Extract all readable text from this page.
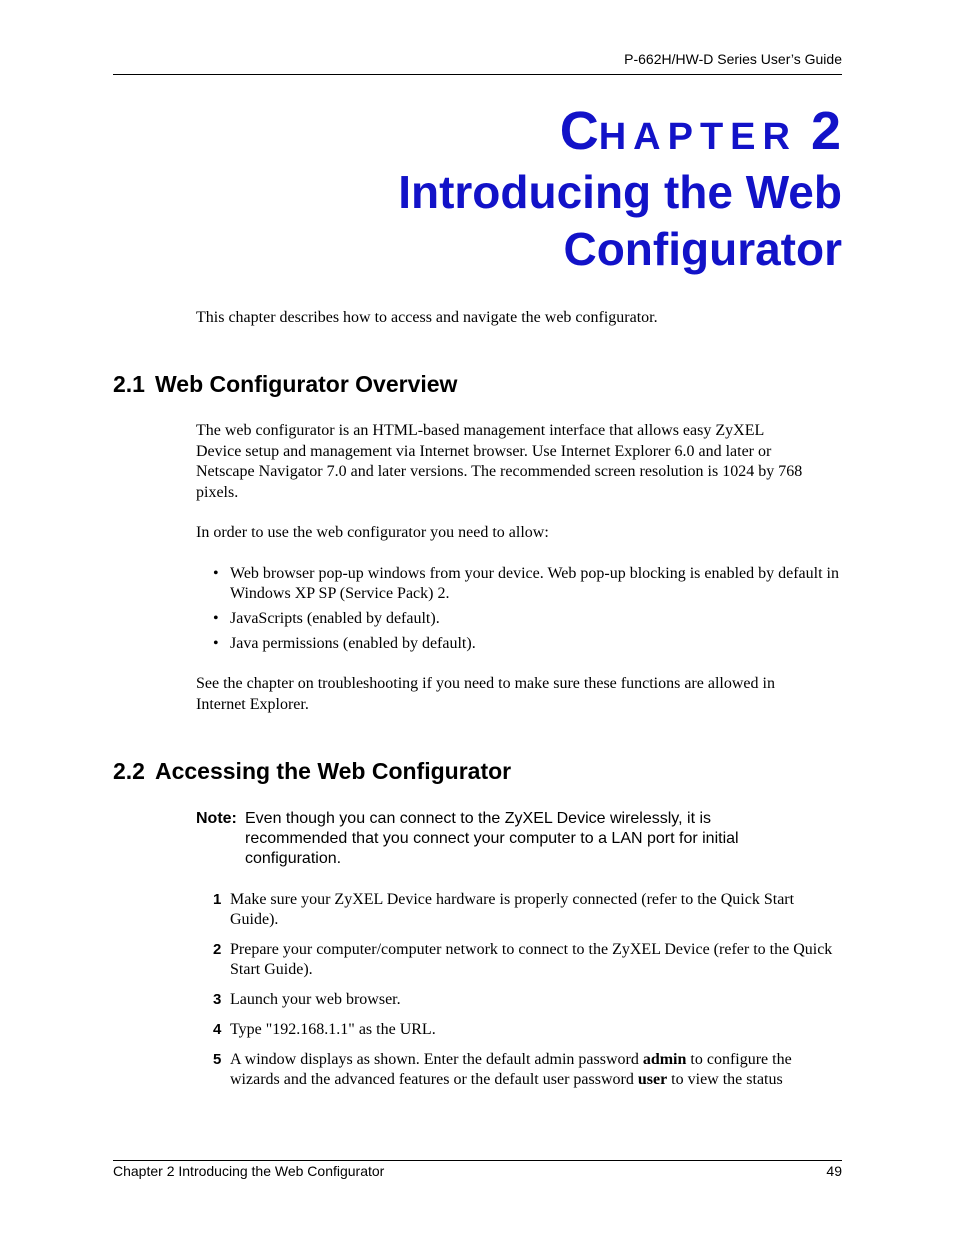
P-662H/HW-D Series User’s Guide
CHAPTER 2
Introducing the Web
Configurator
This chapter describes how to access and navigate the web configurator.
2.1 Web Configurator Overview
The web configurator is an HTML-based management interface that allows easy ZyXEL
Device setup and management via Internet browser. Use Internet Explorer 6.0 and later or
Netscape Navigator 7.0 and later versions. The recommended screen resolution is 1024 by 768
pixels.
In order to use the web configurator you need to allow:
• Web browser pop-up windows from your device. Web pop-up blocking is enabled by default in Windows XP SP (Service Pack) 2.
• JavaScripts (enabled by default).
• Java permissions (enabled by default).
See the chapter on troubleshooting if you need to make sure these functions are allowed in
Internet Explorer.
2.2 Accessing the Web Configurator
Note: Even though you can connect to the ZyXEL Device wirelessly, it is recommended that you connect your computer to a LAN port for initial configuration.
1 Make sure your ZyXEL Device hardware is properly connected (refer to the Quick Start Guide).
2 Prepare your computer/computer network to connect to the ZyXEL Device (refer to the Quick Start Guide).
3 Launch your web browser.
4 Type "192.168.1.1" as the URL.
5 A window displays as shown. Enter the default admin password admin to configure the wizards and the advanced features or the default user password user to view the status
Chapter 2 Introducing the Web Configurator	49
